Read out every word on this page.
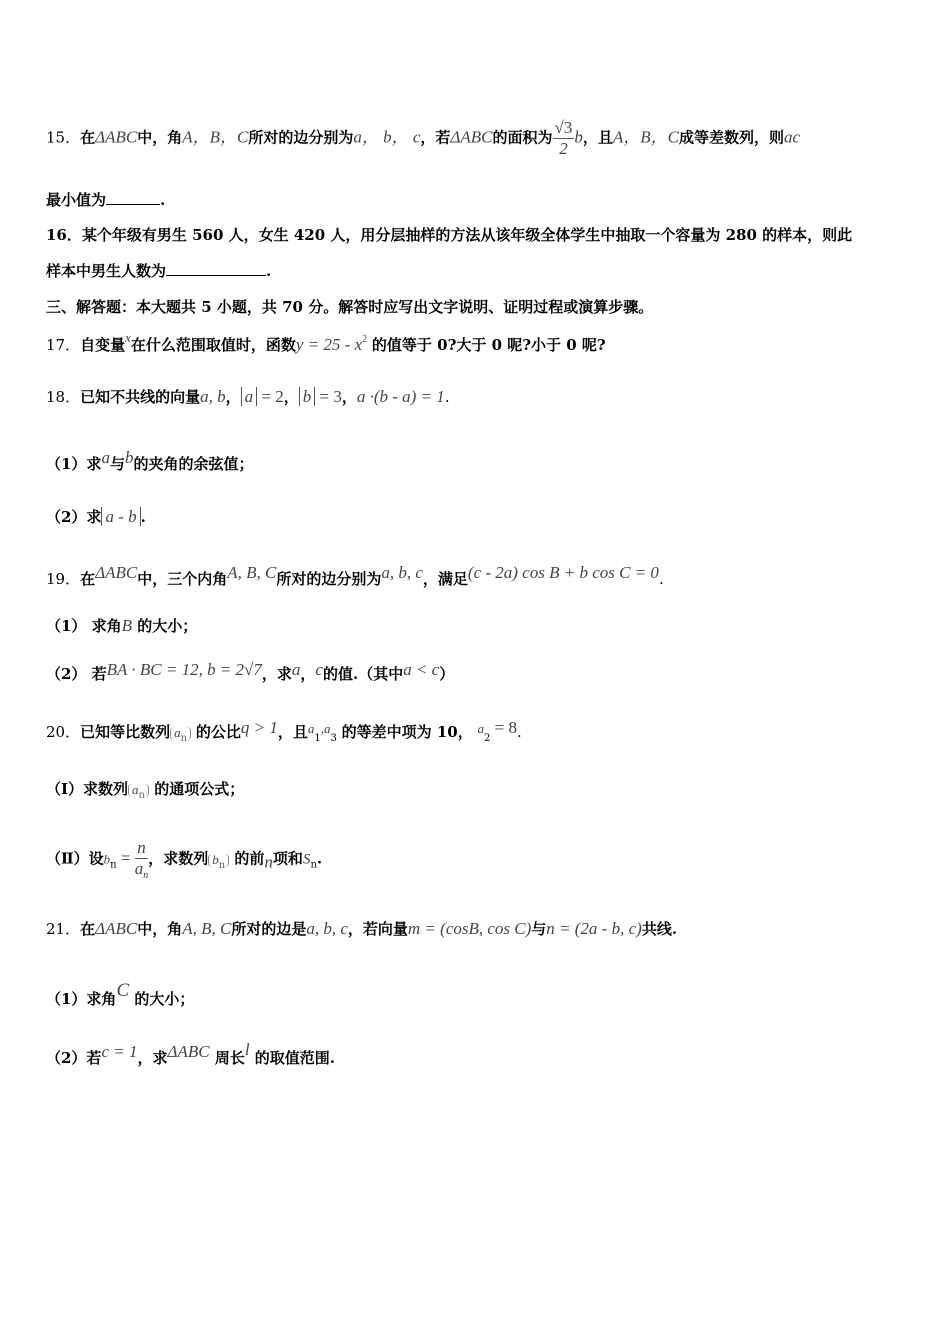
15．在ΔABC中，角A，B，C所对的边分别为a， b， c，若ΔABC的面积为 $\frac{√3}{2}$ b，且A，B，C成等差数列，则ac
最小值为	.
16．某个年级有男生 560 人，女生 420 人，用分层抽样的方法从该年级全体学生中抽取一个容量为 280 的样本，则此
样本中男生人数为	.
三、解答题：本大题共 5 小题，共 70 分。解答时应写出文字说明、证明过程或演算步骤。
17．自变量x在什么范围取值时，函数$y = 25 - x^2$ 的值等于 0?大于 0 呢?小于 0 呢?
18．已知不共线的向量a, b， a = 2， b = 3，a ·(b - a) = 1.
（1）求a与b的夹角的余弦值；
（2）求 a - b .
19．在ΔABC中，三个内角A, B, C所对的边分别为a, b, c，满足(c - 2a) cos B + b cos C = 0.
（1） 求角B 的大小；
（2） 若BA · BC = 12, b = 2√7，求a，c的值.（其中a < c）
20．已知等比数列 an 的公比q > 1，且$a_1,a_3$ 的等差中项为 10， $a_2 = 8$.
（Ⅰ）求数列 an 的通项公式；
（Ⅱ）设$b_n = \frac{n}{a_n}$ ，求数列 bn 的前n项和$S_n$.
21．在ΔABC中，角A, B, C所对的边是a, b, c，若向量m = (cosB, cos C)与n = (2a - b, c)共线.
（1）求角C 的大小；
（2）若c = 1，求ΔABC 周长l 的取值范围.
